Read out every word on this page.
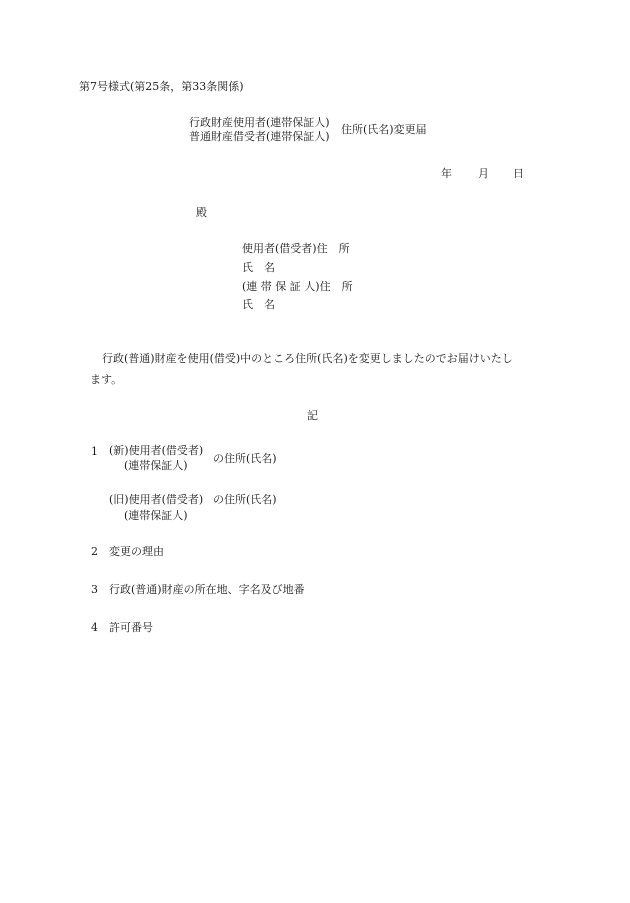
第7号様式(第25条，第33条関係)
行政財産使用者(連帯保証人)
普通財産借受者(連帯保証人)
住所(氏名)変更届
年 月 日
殿
使用者(借受者)住　所
氏　名
(連 帯 保 証 人)住　所
氏　名
行政(普通)財産を使用(借受)中のところ住所(氏名)を変更しましたのでお届けいたし
ます。
記
1 (新)使用者(借受者)
(連帯保証人)
の住所(氏名)
(旧)使用者(借受者) の住所(氏名)
(連帯保証人)
2 変更の理由
3 行政(普通)財産の所在地、字名及び地番
4 許可番号
